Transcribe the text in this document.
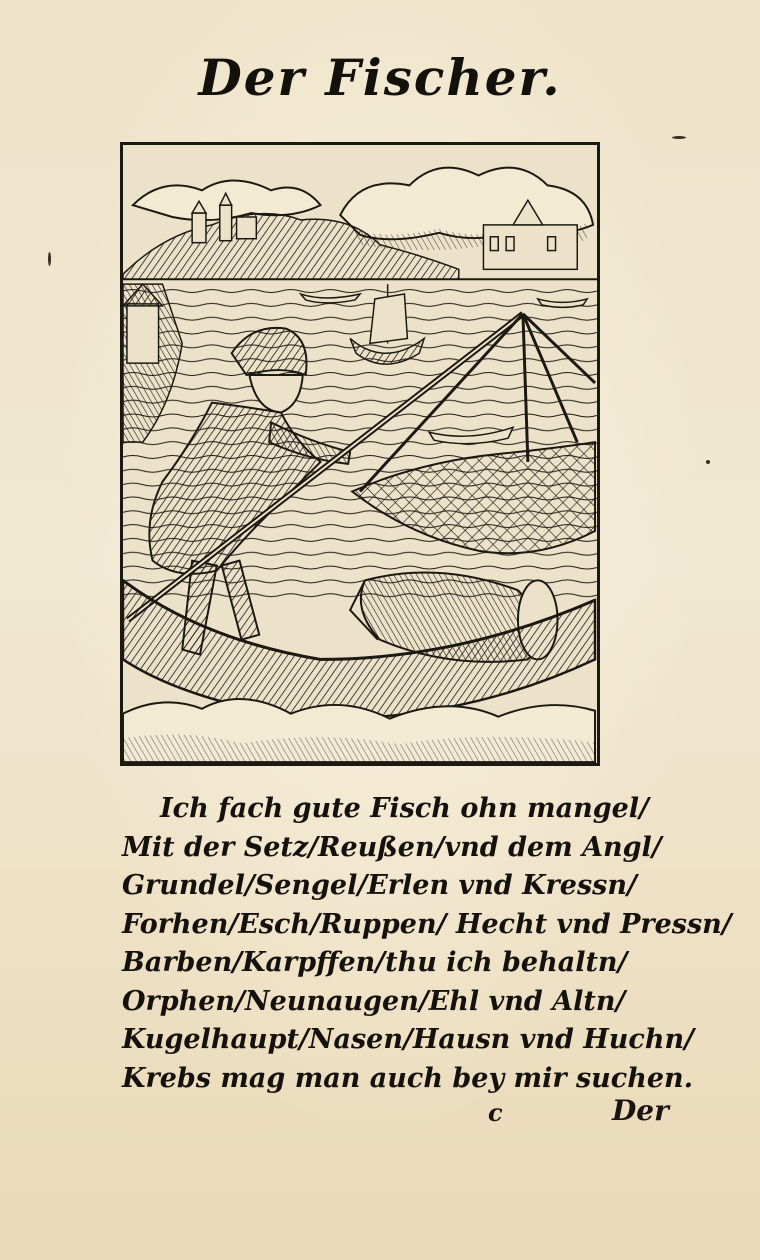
Der Fischer.
Ich fach gute Fisch ohn mangel/
Mit der Setz/Reußen/vnd dem Angl/
Grundel/Sengel/Erlen vnd Kressn/
Forhen/Esch/Ruppen/ Hecht vnd Pressn/
Barben/Karpffen/thu ich behaltn/
Orphen/Neunaugen/Ehl vnd Altn/
Kugelhaupt/Nasen/Hausn vnd Huchn/
Krebs mag man auch bey mir suchen.
c	Der
